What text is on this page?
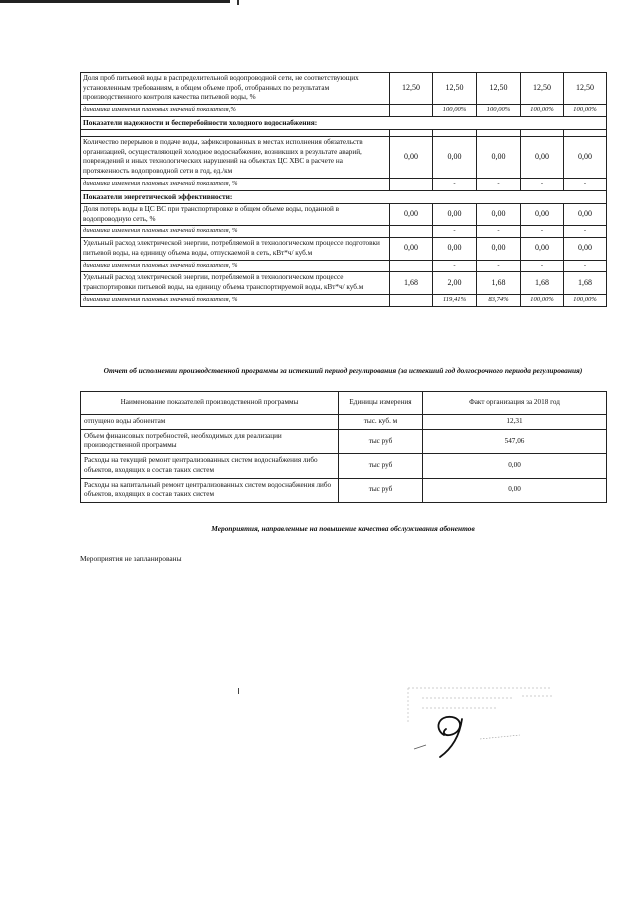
Доля проб питьевой воды в распределительной водопроводной сети, не соответствующих установленным требованиям, в общем объеме проб, отобранных по результатам производственного контроля качества питьевой воды, %	12,50	12,50	12,50	12,50	12,50
динамика изменения плановых значений показателя,%		100,00%	100,00%	100,00%	100,00%
Показатели надежности и бесперебойности холодного водоснабжения:					

Количество перерывов в подаче воды, зафиксированных в местах исполнения обязательств организацией, осуществляющей холодное водоснабжение, возникших в результате аварий, повреждений и иных технологических нарушений на объектах ЦС ХВС в расчете на протяженность водопроводной сети в год, ед./км	0,00	0,00	0,00	0,00	0,00
динамика изменения плановых значений показателя, %		-	-	-	-
Показатели энергетической эффективности:					
Доля потерь воды в ЦС ВС при транспортировке в общем объеме воды, поданной в водопроводную сеть, %	0,00	0,00	0,00	0,00	0,00
динамика изменения плановых значений показателя, %		-	-	-	-
Удельный расход электрической энергии, потребляемой в технологическом процессе подготовки питьевой воды, на единицу объема воды, отпускаемой в сеть, кВт*ч/ куб.м	0,00	0,00	0,00	0,00	0,00
динамика изменения плановых значений показателя, %		-	-	-	-
Удельный расход электрической энергии, потребляемой в технологическом процессе транспортировки питьевой воды, на единицу объема транспортируемой воды, кВт*ч/ куб.м	1,68	2,00	1,68	1,68	1,68
динамика изменения плановых значений показателя, %		119,41%	83,74%	100,00%	100,00%
Отчет об исполнении производственной программы за истекший период регулирования (за истекший год долгосрочного периода регулирования)
Наименование показателей производственной программы	Единицы измерения	Факт организация за 2018 год
отпущено воды абонентам	тыс. куб. м	12,31
Объем финансовых потребностей, необходимых для реализации производственной программы	тыс руб	547,06
Расходы на текущий ремонт централизованных систем водоснабжения либо объектов, входящих в состав таких систем	тыс руб	0,00
Расходы на капитальный ремонт централизованных систем водоснабжения либо объектов, входящих в состав таких систем	тыс руб	0,00
Мероприятия, направленные на повышение качества обслуживания абонентов
Мероприятия не запланированы
